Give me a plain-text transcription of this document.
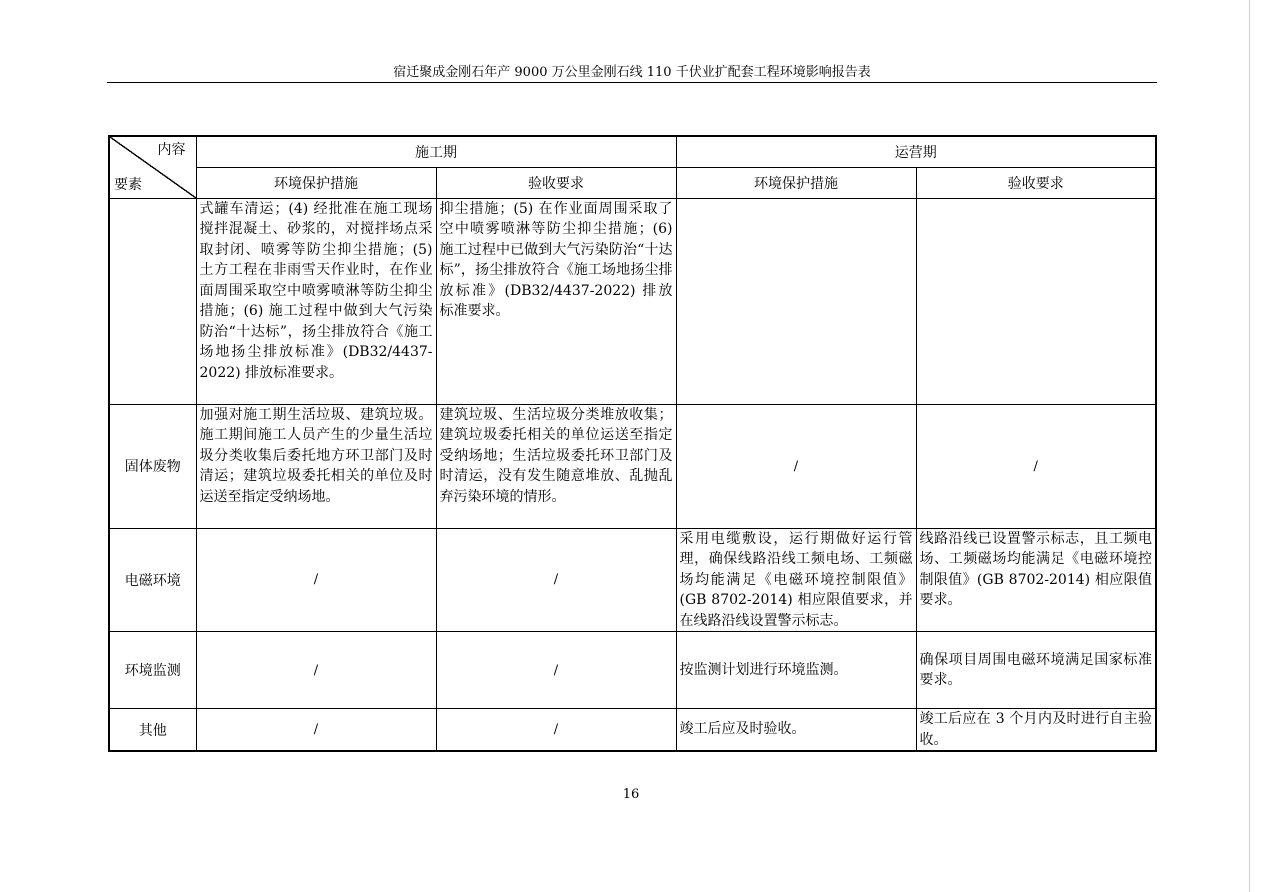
宿迁聚成金刚石年产 9000 万公里金刚石线 110 千伏业扩配套工程环境影响报告表
内容
要素	施工期		运营期	
	环境保护措施	验收要求	环境保护措施	验收要求
	式罐车清运；(4) 经批准在施工现场搅拌混凝土、砂浆的，对搅拌场点采取封闭、喷雾等防尘抑尘措施；(5) 土方工程在非雨雪天作业时，在作业面周围采取空中喷雾喷淋等防尘抑尘措施；(6) 施工过程中做到大气污染防治“十达标”，扬尘排放符合《施工场地扬尘排放标准》(DB32/4437-2022) 排放标准要求。	抑尘措施；(5) 在作业面周围采取了空中喷雾喷淋等防尘抑尘措施；(6) 施工过程中已做到大气污染防治“十达标”，扬尘排放符合《施工场地扬尘排放标准》(DB32/4437-2022) 排放标准要求。		
固体废物	加强对施工期生活垃圾、建筑垃圾。施工期间施工人员产生的少量生活垃圾分类收集后委托地方环卫部门及时清运；建筑垃圾委托相关的单位及时运送至指定受纳场地。	建筑垃圾、生活垃圾分类堆放收集；建筑垃圾委托相关的单位运送至指定受纳场地；生活垃圾委托环卫部门及时清运，没有发生随意堆放、乱抛乱弃污染环境的情形。	/	/
电磁环境	/	/	采用电缆敷设，运行期做好运行管理，确保线路沿线工频电场、工频磁场均能满足《电磁环境控制限值》(GB 8702-2014) 相应限值要求，并在线路沿线设置警示标志。	线路沿线已设置警示标志，且工频电场、工频磁场均能满足《电磁环境控制限值》(GB 8702-2014) 相应限值要求。
环境监测	/	/	按监测计划进行环境监测。	确保项目周围电磁环境满足国家标准要求。
其他	/	/	竣工后应及时验收。	竣工后应在 3 个月内及时进行自主验收。
16
